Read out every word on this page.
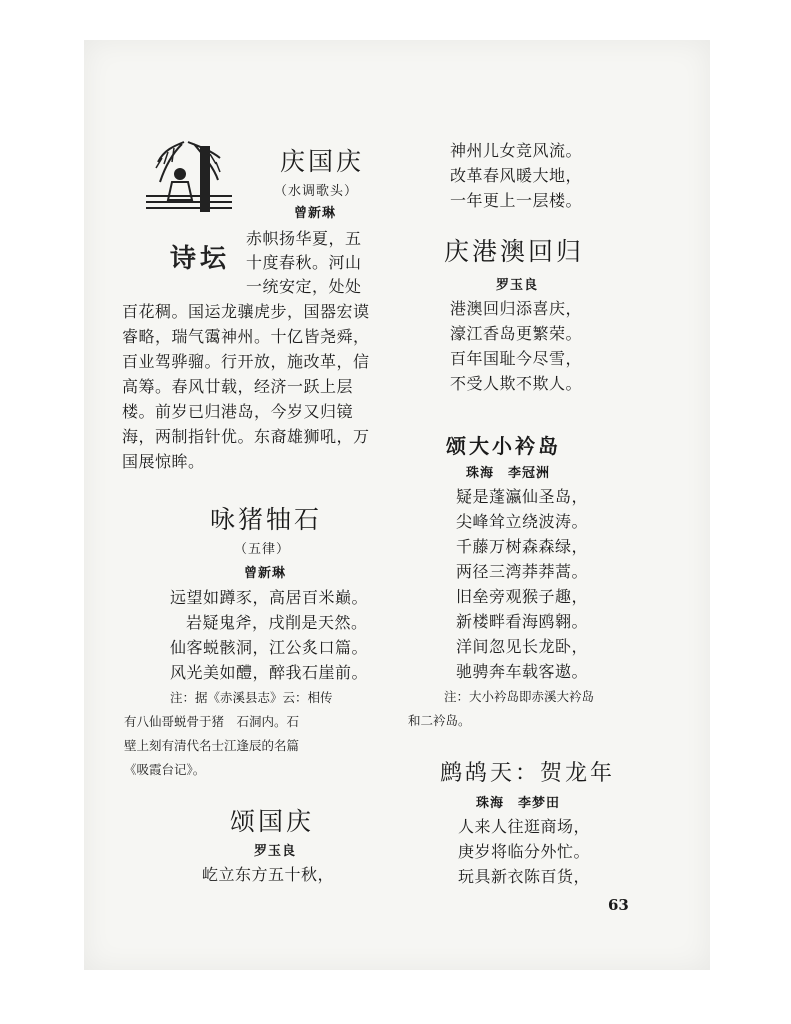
诗坛
庆国庆
（水调歌头）
曾新琳
赤帜扬华夏，五
十度春秋。河山
一统安定，处处
百花稠。国运龙骧虎步，国器宏谟
睿略，瑞气霭神州。十亿皆尧舜，
百业驾骅骝。行开放，施改革，信
高筹。春风廿载，经济一跃上层
楼。前岁已归港岛，今岁又归镜
海，两制指针优。东裔雄狮吼，万
国展惊眸。
咏猪牰石
（五律）
曾新琳
远望如蹲豕，高居百米巅。
岩疑鬼斧，戌削是天然。
仙客蜕骸洞，江公炙口篇。
风光美如醴，醉我石崖前。
注：据《赤溪县志》云：相传
有八仙哥蜕骨于猪　石洞内。石
壁上刻有清代名士江逢辰的名篇
《吸霞台记》。
颂国庆
罗玉良
屹立东方五十秋，
神州儿女竞风流。
改革春风暖大地，
一年更上一层楼。
庆港澳回归
罗玉良
港澳回归添喜庆，
濠江香岛更繁荣。
百年国耻今尽雪，
不受人欺不欺人。
颂大小衿岛
珠海　李冠洲
疑是蓬瀛仙圣岛，
尖峰耸立绕波涛。
千藤万树森森绿，
两径三湾莽莽蒿。
旧垒旁观猴子趣，
新楼畔看海鸥翱。
洋间忽见长龙卧，
驰骋奔车载客遨。
注：大小衿岛即赤溪大衿岛
和二衿岛。
鹧鸪天：贺龙年
珠海　李梦田
人来人往逛商场，
庚岁将临分外忙。
玩具新衣陈百货，
63
